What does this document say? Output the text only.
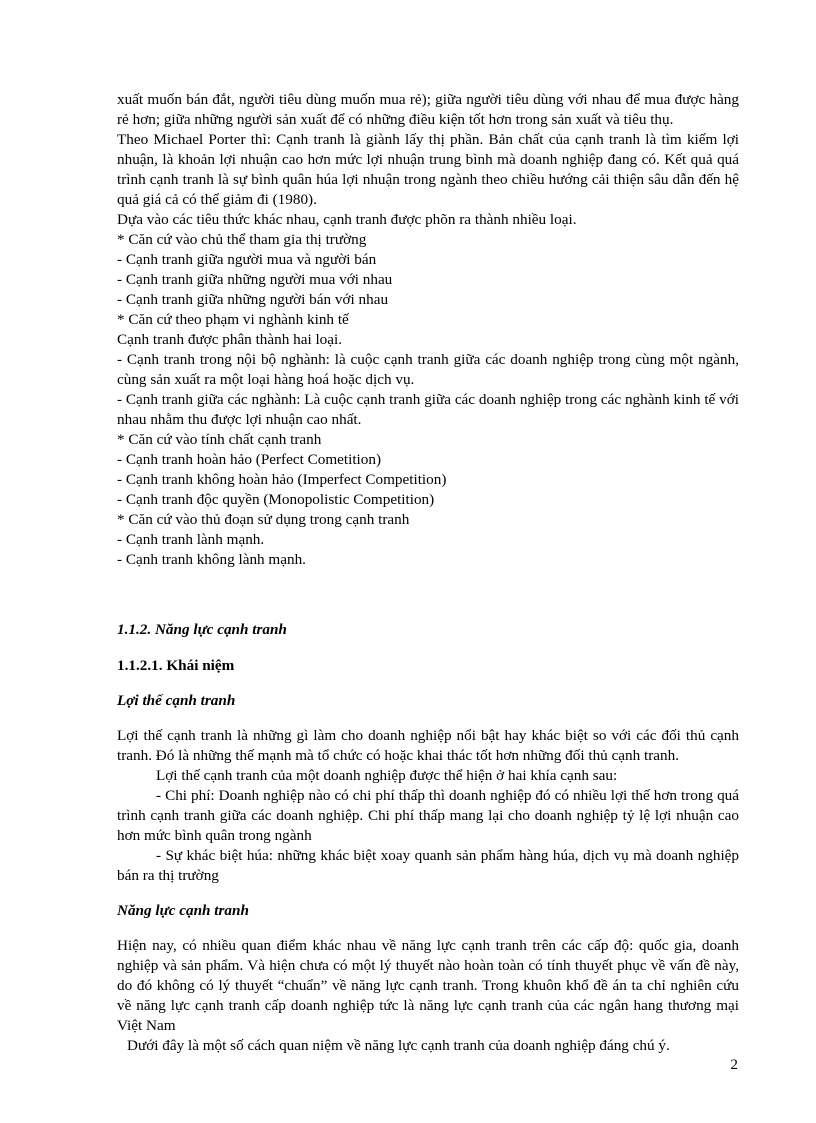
xuất muốn bán đắt, người tiêu dùng muốn mua rẻ); giữa người tiêu dùng với nhau để mua được hàng rẻ hơn; giữa những người sản xuất để có những điều kiện tốt hơn trong sản xuất và tiêu thụ.

Theo Michael Porter thì: Cạnh tranh là giành lấy thị phần. Bản chất của cạnh tranh là tìm kiếm lợi nhuận, là khoản lợi nhuận cao hơn mức lợi nhuận trung bình mà doanh nghiệp đang có. Kết quả quá trình cạnh tranh là sự bình quân húa lợi nhuận trong ngành theo chiều hướng cải thiện sâu dẫn đến hệ quả giá cả có thể giảm đi (1980).

Dựa vào các tiêu thức khác nhau, cạnh tranh được phõn ra thành nhiều loại.

* Căn cứ vào chủ thể tham gia thị trường

- Cạnh tranh giữa người mua và người bán

- Cạnh tranh giữa những người mua với nhau

- Cạnh tranh giữa những người bán với nhau

* Căn cứ theo phạm vi nghành kinh tế

Cạnh tranh được phân thành hai loại.

- Cạnh tranh trong nội bộ nghành: là cuộc cạnh tranh giữa các doanh nghiệp trong cùng một ngành, cùng sản xuất ra một loại hàng hoá hoặc dịch vụ.

- Cạnh tranh giữa các nghành: Là cuộc cạnh tranh giữa các doanh nghiệp trong các nghành kinh tế với nhau nhằm thu được lợi nhuận cao nhất.

* Căn cứ vào tính chất cạnh tranh

- Cạnh tranh hoàn hảo (Perfect Cometition)

- Cạnh tranh không hoàn hảo (Imperfect Competition)

- Cạnh tranh độc quyền (Monopolistic Competition)

* Căn cứ vào thủ đoạn sử dụng trong cạnh tranh

- Cạnh tranh lành mạnh.

- Cạnh tranh không lành mạnh.

1.1.2. Năng lực cạnh tranh

1.1.2.1. Khái niệm

Lợi thế cạnh tranh

Lợi thế cạnh tranh là những gì làm cho doanh nghiệp nổi bật hay khác biệt so với các đối thủ cạnh tranh. Đó là những thế mạnh mà tổ chức có hoặc khai thác tốt hơn những đối thủ cạnh tranh.

Lợi thế cạnh tranh của một doanh nghiệp được thể hiện ở hai khía cạnh sau:

- Chi phí: Doanh nghiệp nào có chi phí thấp thì doanh nghiệp đó có nhiều lợi thế hơn trong quá trình cạnh tranh giữa các doanh nghiệp. Chi phí thấp mang lại cho doanh nghiệp tỷ lệ lợi nhuận cao hơn mức bình quân trong ngành

- Sự khác biệt húa: những khác biệt xoay quanh sản phẩm hàng húa, dịch vụ mà doanh nghiệp bán ra thị trường

Năng lực cạnh tranh

Hiện nay, có nhiều quan điểm khác nhau về năng lực cạnh tranh trên các cấp độ: quốc gia, doanh nghiệp và sản phẩm. Và hiện chưa có một lý thuyết nào hoàn toàn có tính thuyết phục về vấn đề này, do đó không có lý thuyết “chuẩn” về năng lực cạnh tranh. Trong khuôn khổ đề án ta chỉ nghiên cứu về năng lực cạnh tranh cấp doanh nghiệp tức là năng lực cạnh tranh của các ngân hang thương mại Việt Nam

Dưới đây là một số cách quan niệm về năng lực cạnh tranh của doanh nghiệp đáng chú ý.

2
